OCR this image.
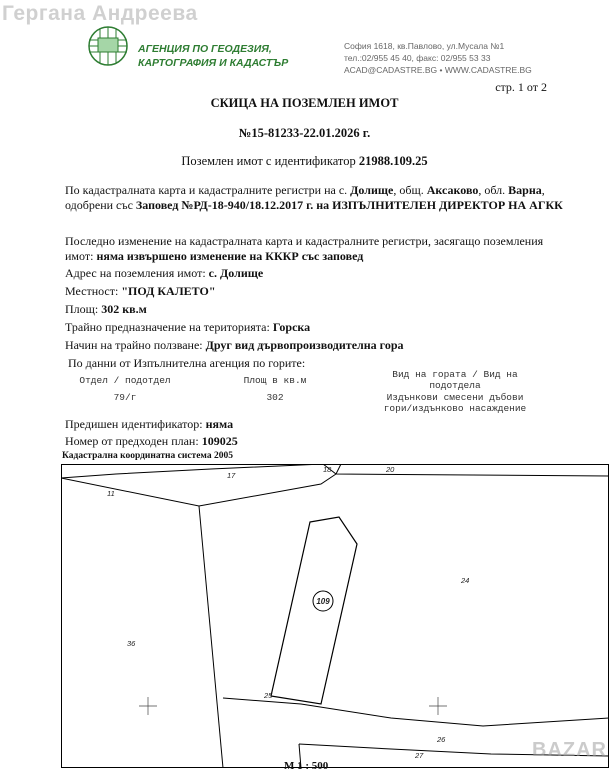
Гергана Андреева
АГЕНЦИЯ ПО ГЕОДЕЗИЯ,
КАРТОГРАФИЯ И КАДАСТЪР
София 1618, кв.Павлово, ул.Мусала №1
тел.:02/955 45 40, факс: 02/955 53 33
ACAD@CADASTRE.BG • WWW.CADASTRE.BG
стр. 1 от 2
СКИЦА НА ПОЗЕМЛЕН ИМОТ
№15-81233-22.01.2026 г.
Поземлен имот с идентификатор 21988.109.25
По кадастралната карта и кадастралните регистри на с. Долище, общ. Аксаково, обл. Варна,
одобрени със Заповед №РД-18-940/18.12.2017 г. на ИЗПЪЛНИТЕЛЕН ДИРЕКТОР НА АГКК
Последно изменение на кадастралната карта и кадастралните регистри, засягащо поземления
имот: няма извършено изменение на КККР със заповед
Адрес на поземления имот: с. Долище
Местност: "ПОД КАЛЕТО"
Площ: 302 кв.м
Трайно предназначение на територията: Горска
Начин на трайно ползване: Друг вид дървопроизводителна гора
По данни от Изпълнителна агенция по горите:
Отдел / подотдел	Площ в кв.м
Вид на гората / Вид на
подотдела
79/г	302	Издънкови смесени дъбови
гори/издънково насаждение
Предишен идентификатор: няма
Номер от предходен план: 109025
Кадастрална координатна система 2005
11
17
18	20
24
36
25
26
27
109
М 1 : 500
BAZAR
